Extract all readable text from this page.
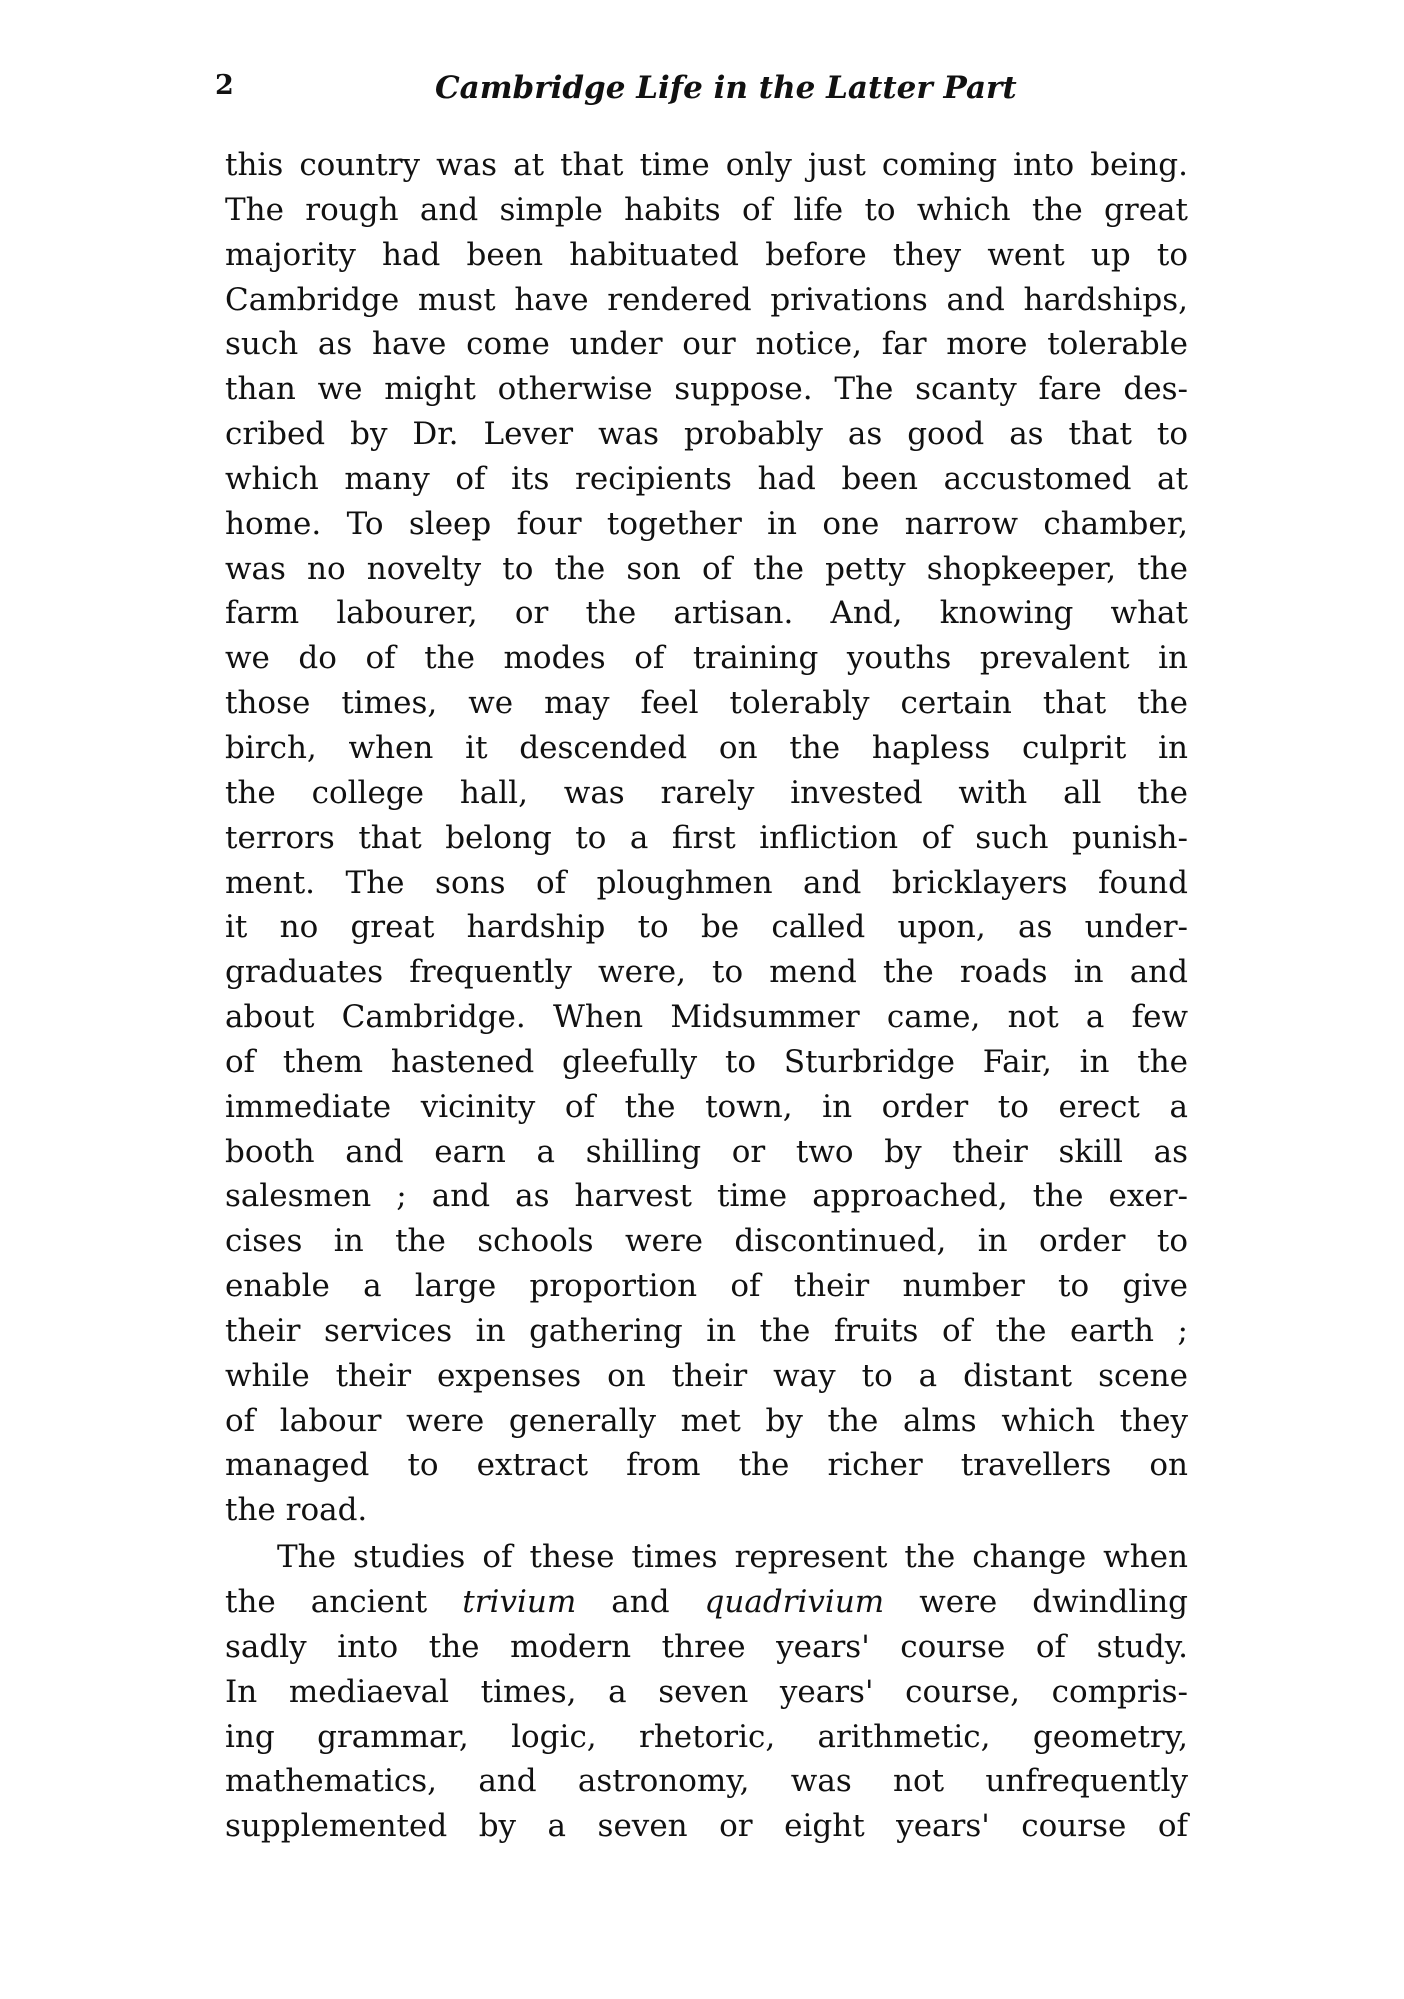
2	Cambridge Life in the Latter Part
this country was at that time only just coming into being.
The rough and simple habits of life to which the great
majority had been habituated before they went up to
Cambridge must have rendered privations and hardships,
such as have come under our notice, far more tolerable
than we might otherwise suppose. The scanty fare des-
cribed by Dr. Lever was probably as good as that to
which many of its recipients had been accustomed at
home. To sleep four together in one narrow chamber,
was no novelty to the son of the petty shopkeeper, the
farm labourer, or the artisan. And, knowing what
we do of the modes of training youths prevalent in
those times, we may feel tolerably certain that the
birch, when it descended on the hapless culprit in
the college hall, was rarely invested with all the
terrors that belong to a first infliction of such punish-
ment. The sons of ploughmen and bricklayers found
it no great hardship to be called upon, as under-
graduates frequently were, to mend the roads in and
about Cambridge. When Midsummer came, not a few
of them hastened gleefully to Sturbridge Fair, in the
immediate vicinity of the town, in order to erect a
booth and earn a shilling or two by their skill as
salesmen ; and as harvest time approached, the exer-
cises in the schools were discontinued, in order to
enable a large proportion of their number to give
their services in gathering in the fruits of the earth ;
while their expenses on their way to a distant scene
of labour were generally met by the alms which they
managed to extract from the richer travellers on
the road.
The studies of these times represent the change when
the ancient trivium and quadrivium were dwindling
sadly into the modern three years' course of study.
In mediaeval times, a seven years' course, compris-
ing grammar, logic, rhetoric, arithmetic, geometry,
mathematics, and astronomy, was not unfrequently
supplemented by a seven or eight years' course of
